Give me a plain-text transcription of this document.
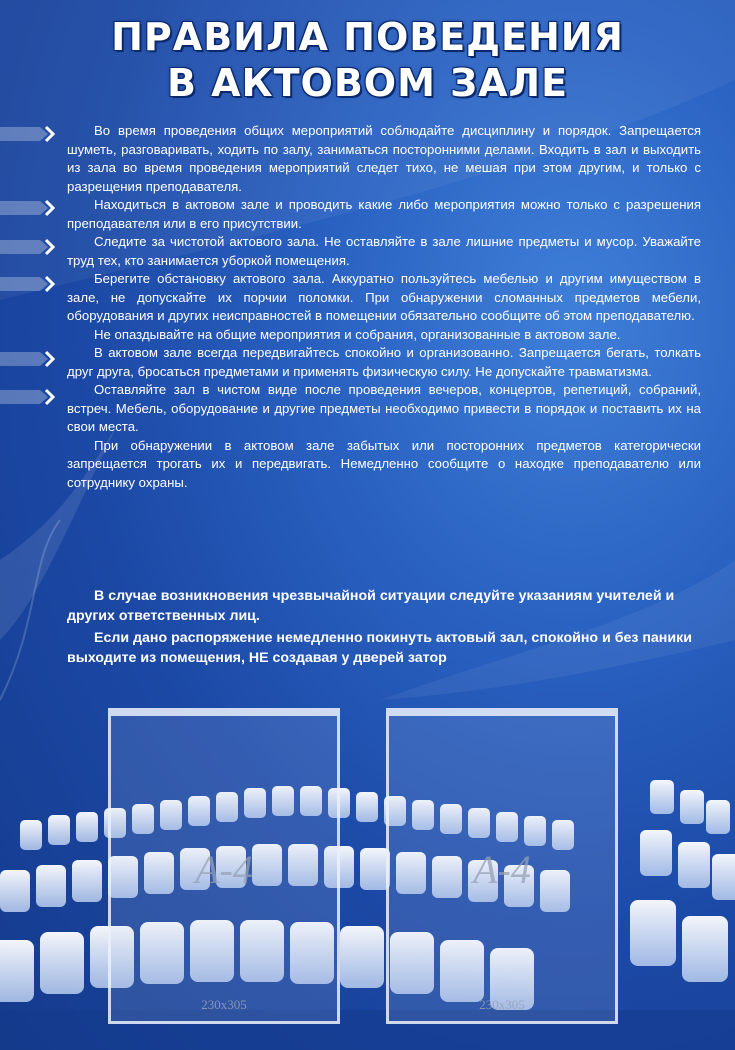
ПРАВИЛА ПОВЕДЕНИЯ
В АКТОВОМ ЗАЛЕ

Во время проведения общих мероприятий соблюдайте дисциплину и порядок. Запрещается шуметь, разговаривать, ходить по залу, заниматься посторонними делами. Входить в зал и выходить из зала во время проведения мероприятий следет тихо, не мешая при этом другим, и только с разрещения преподавателя.

Находиться в актовом зале и проводить какие либо мероприятия можно только с разрешения преподавателя или в его присутствии.

Следите за чистотой актового зала. Не оставляйте в зале лишние предметы и мусор. Уважайте труд тех, кто занимается уборкой помещения.

Берегите обстановку актового зала. Аккуратно пользуйтесь мебелью и другим имуществом в зале, не допускайте их порчии поломки. При обнаружении сломанных предметов мебели, оборудования и других неисправностей в помещении обязательно сообщите об этом преподавателю.

Не опаздывайте на общие мероприятия и собрания, организованные в актовом зале.

В актовом зале всегда передвигайтесь спокойно и организованно. Запрещается бегать, толкать друг друга, бросаться предметами и применять физическую силу. Не допускайте травматизма.

Оставляйте зал в чистом виде после проведения вечеров, концертов, репетиций, собраний, встреч. Мебель, оборудование и другие предметы необходимо привести в порядок и поставить их на свои места.

При обнаружении в актовом зале забытых или посторонних предметов категорически запрещается трогать их и передвигать. Немедленно сообщите о находке преподавателю или сотруднику охраны.

В случае возникновения чрезвычайной ситуации следуйте указаниям учителей и других ответственных лиц.

Если дано распоряжение немедленно покинуть актовый зал, спокойно и без паники выходите из помещения, НЕ создавая у дверей затор

А-4
230x305
А-4
230x305
